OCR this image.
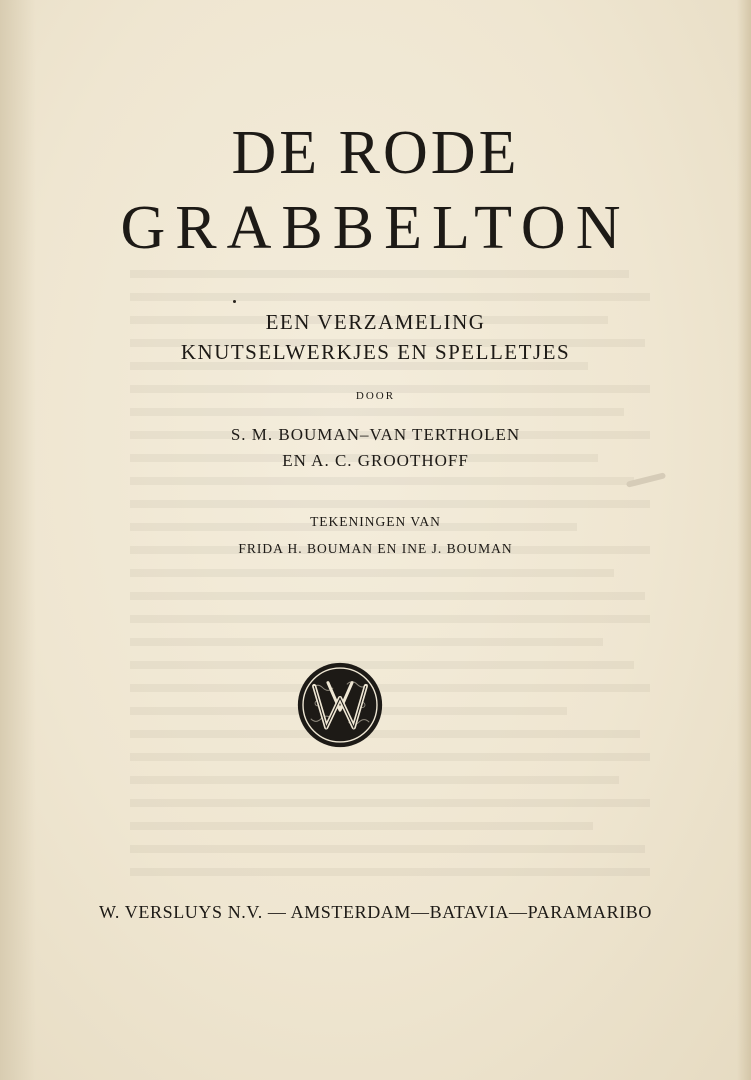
DE RODE
GRABBELTON
EEN VERZAMELING
KNUTSELWERKJES EN SPELLETJES
DOOR
S. M. BOUMAN–VAN TERTHOLEN
EN A. C. GROOTHOFF
TEKENINGEN VAN
FRIDA H. BOUMAN EN INE J. BOUMAN
W. VERSLUYS N.V. — AMSTERDAM—BATAVIA—PARAMARIBO
